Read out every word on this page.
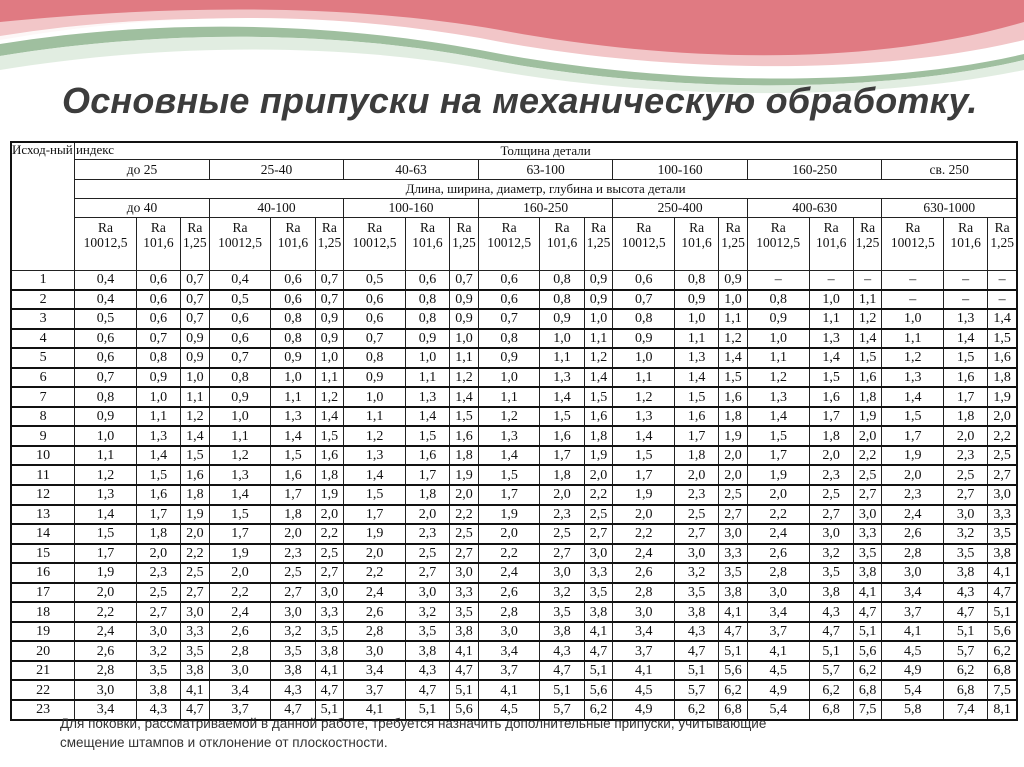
Основные припуски на механическую обработку.
Исход-ный индекс	Толщина детали																				
	до 25			25-40			40-63			63-100			100-160			160-250			св. 250		
	Длина, ширина, диаметр, глубина и высота детали																				
	до 40			40-100			100-160			160-250			250-400			400-630			630-1000		
	Ra 10012,5	Ra 101,6	Ra 1,25	Ra 10012,5	Ra 101,6	Ra 1,25	Ra 10012,5	Ra 101,6	Ra 1,25	Ra 10012,5	Ra 101,6	Ra 1,25	Ra 10012,5	Ra 101,6	Ra 1,25	Ra 10012,5	Ra 101,6	Ra 1,25	Ra 10012,5	Ra 101,6	Ra 1,25
1	0,4	0,6	0,7	0,4	0,6	0,7	0,5	0,6	0,7	0,6	0,8	0,9	0,6	0,8	0,9	–	–	–	–	–	–
2	0,4	0,6	0,7	0,5	0,6	0,7	0,6	0,8	0,9	0,6	0,8	0,9	0,7	0,9	1,0	0,8	1,0	1,1	–	–	–
3	0,5	0,6	0,7	0,6	0,8	0,9	0,6	0,8	0,9	0,7	0,9	1,0	0,8	1,0	1,1	0,9	1,1	1,2	1,0	1,3	1,4
4	0,6	0,7	0,9	0,6	0,8	0,9	0,7	0,9	1,0	0,8	1,0	1,1	0,9	1,1	1,2	1,0	1,3	1,4	1,1	1,4	1,5
5	0,6	0,8	0,9	0,7	0,9	1,0	0,8	1,0	1,1	0,9	1,1	1,2	1,0	1,3	1,4	1,1	1,4	1,5	1,2	1,5	1,6
6	0,7	0,9	1,0	0,8	1,0	1,1	0,9	1,1	1,2	1,0	1,3	1,4	1,1	1,4	1,5	1,2	1,5	1,6	1,3	1,6	1,8
7	0,8	1,0	1,1	0,9	1,1	1,2	1,0	1,3	1,4	1,1	1,4	1,5	1,2	1,5	1,6	1,3	1,6	1,8	1,4	1,7	1,9
8	0,9	1,1	1,2	1,0	1,3	1,4	1,1	1,4	1,5	1,2	1,5	1,6	1,3	1,6	1,8	1,4	1,7	1,9	1,5	1,8	2,0
9	1,0	1,3	1,4	1,1	1,4	1,5	1,2	1,5	1,6	1,3	1,6	1,8	1,4	1,7	1,9	1,5	1,8	2,0	1,7	2,0	2,2
10	1,1	1,4	1,5	1,2	1,5	1,6	1,3	1,6	1,8	1,4	1,7	1,9	1,5	1,8	2,0	1,7	2,0	2,2	1,9	2,3	2,5
11	1,2	1,5	1,6	1,3	1,6	1,8	1,4	1,7	1,9	1,5	1,8	2,0	1,7	2,0	2,0	1,9	2,3	2,5	2,0	2,5	2,7
12	1,3	1,6	1,8	1,4	1,7	1,9	1,5	1,8	2,0	1,7	2,0	2,2	1,9	2,3	2,5	2,0	2,5	2,7	2,3	2,7	3,0
13	1,4	1,7	1,9	1,5	1,8	2,0	1,7	2,0	2,2	1,9	2,3	2,5	2,0	2,5	2,7	2,2	2,7	3,0	2,4	3,0	3,3
14	1,5	1,8	2,0	1,7	2,0	2,2	1,9	2,3	2,5	2,0	2,5	2,7	2,2	2,7	3,0	2,4	3,0	3,3	2,6	3,2	3,5
15	1,7	2,0	2,2	1,9	2,3	2,5	2,0	2,5	2,7	2,2	2,7	3,0	2,4	3,0	3,3	2,6	3,2	3,5	2,8	3,5	3,8
16	1,9	2,3	2,5	2,0	2,5	2,7	2,2	2,7	3,0	2,4	3,0	3,3	2,6	3,2	3,5	2,8	3,5	3,8	3,0	3,8	4,1
17	2,0	2,5	2,7	2,2	2,7	3,0	2,4	3,0	3,3	2,6	3,2	3,5	2,8	3,5	3,8	3,0	3,8	4,1	3,4	4,3	4,7
18	2,2	2,7	3,0	2,4	3,0	3,3	2,6	3,2	3,5	2,8	3,5	3,8	3,0	3,8	4,1	3,4	4,3	4,7	3,7	4,7	5,1
19	2,4	3,0	3,3	2,6	3,2	3,5	2,8	3,5	3,8	3,0	3,8	4,1	3,4	4,3	4,7	3,7	4,7	5,1	4,1	5,1	5,6
20	2,6	3,2	3,5	2,8	3,5	3,8	3,0	3,8	4,1	3,4	4,3	4,7	3,7	4,7	5,1	4,1	5,1	5,6	4,5	5,7	6,2
21	2,8	3,5	3,8	3,0	3,8	4,1	3,4	4,3	4,7	3,7	4,7	5,1	4,1	5,1	5,6	4,5	5,7	6,2	4,9	6,2	6,8
22	3,0	3,8	4,1	3,4	4,3	4,7	3,7	4,7	5,1	4,1	5,1	5,6	4,5	5,7	6,2	4,9	6,2	6,8	5,4	6,8	7,5
23	3,4	4,3	4,7	3,7	4,7	5,1	4,1	5,1	5,6	4,5	5,7	6,2	4,9	6,2	6,8	5,4	6,8	7,5	5,8	7,4	8,1

Для поковки, рассматриваемой в данной работе, требуется назначить дополнительные припуски, учитывающие
смещение штампов и отклонение от плоскостности.
